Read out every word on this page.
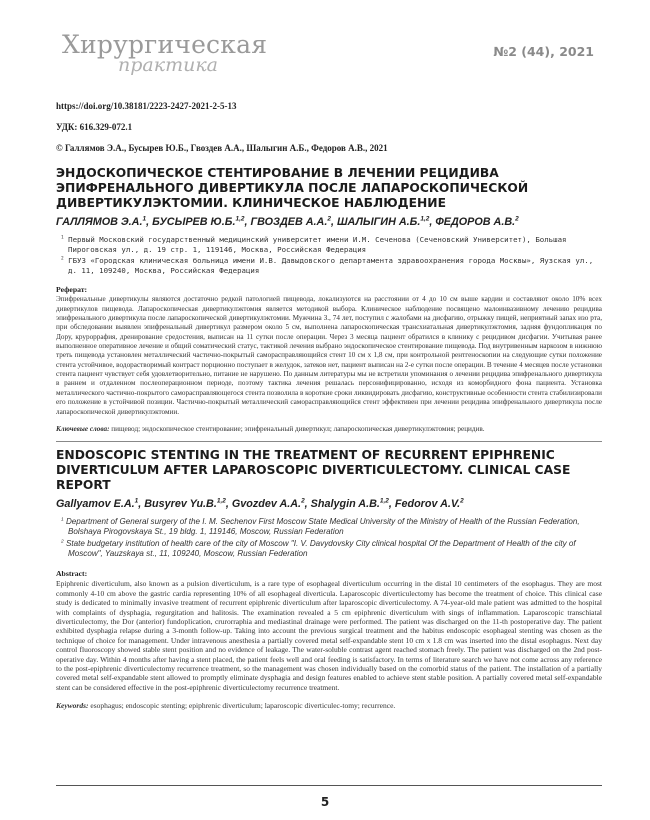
Хирургическая
практика
№2 (44), 2021

https://doi.org/10.38181/2223-2427-2021-2-5-13

УДК: 616.329-072.1

© Галлямов Э.А., Бусырев Ю.Б., Гвоздев А.А., Шалыгин А.Б., Федоров А.В., 2021

ЭНДОСКОПИЧЕСКОЕ СТЕНТИРОВАНИЕ В ЛЕЧЕНИИ РЕЦИДИВА ЭПИФРЕНАЛЬНОГО ДИВЕРТИКУЛА ПОСЛЕ ЛАПАРОСКОПИЧЕСКОЙ ДИВЕРТИКУЛЭКТОМИИ. КЛИНИЧЕСКОЕ НАБЛЮДЕНИЕ

ГАЛЛЯМОВ Э.А.$^1$, БУСЫРЕВ Ю.Б.$^{1,2}$, ГВОЗДЕВ А.А.$^2$, ШАЛЫГИН А.Б.$^{1,2}$, ФЕДОРОВ А.В.$^2$

$^1$ Первый Московский государственный медицинский университет имени И.М. Сеченова (Сеченовский Университет), Большая Пироговская ул., д. 19 стр. 1, 119146, Москва, Российская Федерация

$^2$ ГБУЗ «Городская клиническая больница имени И.В. Давыдовского департамента здравоохранения города Москвы», Яузская ул., д. 11, 109240, Москва, Российская Федерация

Реферат:

Эпифренальные дивертикулы являются достаточно редкой патологией пищевода, локализуются на расстоянии от 4 до 10 см выше кардии и составляют около 10% всех дивертикулов пищевода. Лапароскопическая дивертикулэктомия является методикой выбора. Клиническое наблюдение посвящено малоинвазивному лечению рецидива эпифренального дивертикула после лапароскопической дивертикулэктомии. Мужчина З., 74 лет, поступил с жалобами на дисфагию, отрыжку пищей, неприятный запах изо рта, при обследовании выявлен эпифренальный дивертикул размером около 5 см, выполнена лапароскопическая трансхиатальная дивертикулэктомия, задняя фундопликация по Дору, круроррафия, дренирование средостения, выписан на 11 сутки после операции. Через 3 месяца пациент обратился в клинику с рецидивом дисфагии. Учитывая ранее выполненное оперативное лечение и общий соматический статус, тактикой лечения выбрано эндоскопическое стентирование пищевода. Под внутривенным наркозом в нижнюю треть пищевода установлен металлический частично-покрытый саморасправляющийся стент 10 см х 1,8 см, при контрольной рентгеноскопии на следующие сутки положение стента устойчивое, водорастворимый контраст порционно поступает в желудок, затеков нет, пациент выписан на 2-е сутки после операции. В течение 4 месяцев после установки стента пациент чувствует себя удовлетворительно, питание не нарушено. По данным литературы мы не встретили упоминания о лечении рецидива эпифренального дивертикула в раннем и отдаленном послеоперационном периоде, поэтому тактика лечения решалась персонифицированно, исходя из коморбидного фона пациента. Установка металлического частично-покрытого саморасправляющегося стента позволила в короткие сроки ликвидировать дисфагию, конструктивные особенности стента стабилизировали его положение в устойчивой позиции. Частично-покрытый металлический саморасправляющийся стент эффективен при лечении рецидива эпифренального дивертикула после лапароскопической дивертикулэктомии.

Ключевые слова: пищевод; эндоскопическое стентирование; эпифренальный дивертикул; лапароскопическая дивертикулэктомия; рецидив.

ENDOSCOPIC STENTING IN THE TREATMENT OF RECURRENT EPIPHRENIC DIVERTICULUM AFTER LAPAROSCOPIC DIVERTICULECTOMY. CLINICAL CASE REPORT

Gallyamov E.A.$^1$, Busyrev Yu.B.$^{1,2}$, Gvozdev A.A.$^2$, Shalygin A.B.$^{1,2}$, Fedorov A.V.$^2$

$^1$ Department of General surgery of the I. M. Sechenov First Moscow State Medical University of the Ministry of Health of the Russian Federation, Bolshaya Pirogovskaya St., 19 bldg. 1, 119146, Moscow, Russian Federation

$^2$ State budgetary institution of health care of the city of Moscow "I. V. Davydovsky City clinical hospital Of the Department of Health of the city of Moscow", Yauzskaya st., 11, 109240, Moscow, Russian Federation

Abstract:

Epiphrenic diverticulum, also known as a pulsion diverticulum, is a rare type of esophageal diverticulum occurring in the distal 10 centimeters of the esophagus. They are most commonly 4-10 cm above the gastric cardia representing 10% of all esophageal diverticula. Laparoscopic diverticulectomy has become the treatment of choice. This clinical case study is dedicated to minimally invasive treatment of recurrent epiphrenic diverticulum after laparoscopic diverticulectomy. A 74-year-old male patient was admitted to the hospital with complaints of dysphagia, regurgitation and halitosis. The examination revealed a 5 cm epiphrenic diverticulum with sings of inflammation. Laparoscopic transchiatal diverticulectomy, the Dor (anterior) fundoplication, crurorraphia and mediastinal drainage were performed. The patient was discharged on the 11-th postoperative day. The patient exhibited dysphagia relapse during a 3-month follow-up. Taking into account the previous surgical treatment and the habitus endoscopic esophageal stenting was chosen as the technique of choice for management. Under intravenous anesthesia a partially covered metal self-expandable stent 10 cm x 1.8 cm was inserted into the distal esophagus. Next day control fluoroscopy showed stable stent position and no evidence of leakage. The water-soluble contrast agent reached stomach freely. The patient was discharged on the 2nd post-operative day. Within 4 months after having a stent placed, the patient feels well and oral feeding is satisfactory. In terms of literature search we have not come across any reference to the post-epiphrenic diverticulectomy recurrence treatment, so the management was chosen individually based on the comorbid status of the patient. The installation of a partially covered metal self-expandable stent allowed to promptly eliminate dysphagia and design features enabled to achieve stent stable position. A partially covered metal self-expandable stent can be considered effective in the post-epiphrenic diverticulectomy recurrence treatment.

Keywords: esophagus; endoscopic stenting; epiphrenic diverticulum; laparoscopic diverticulec-tomy; recurrence.

5
